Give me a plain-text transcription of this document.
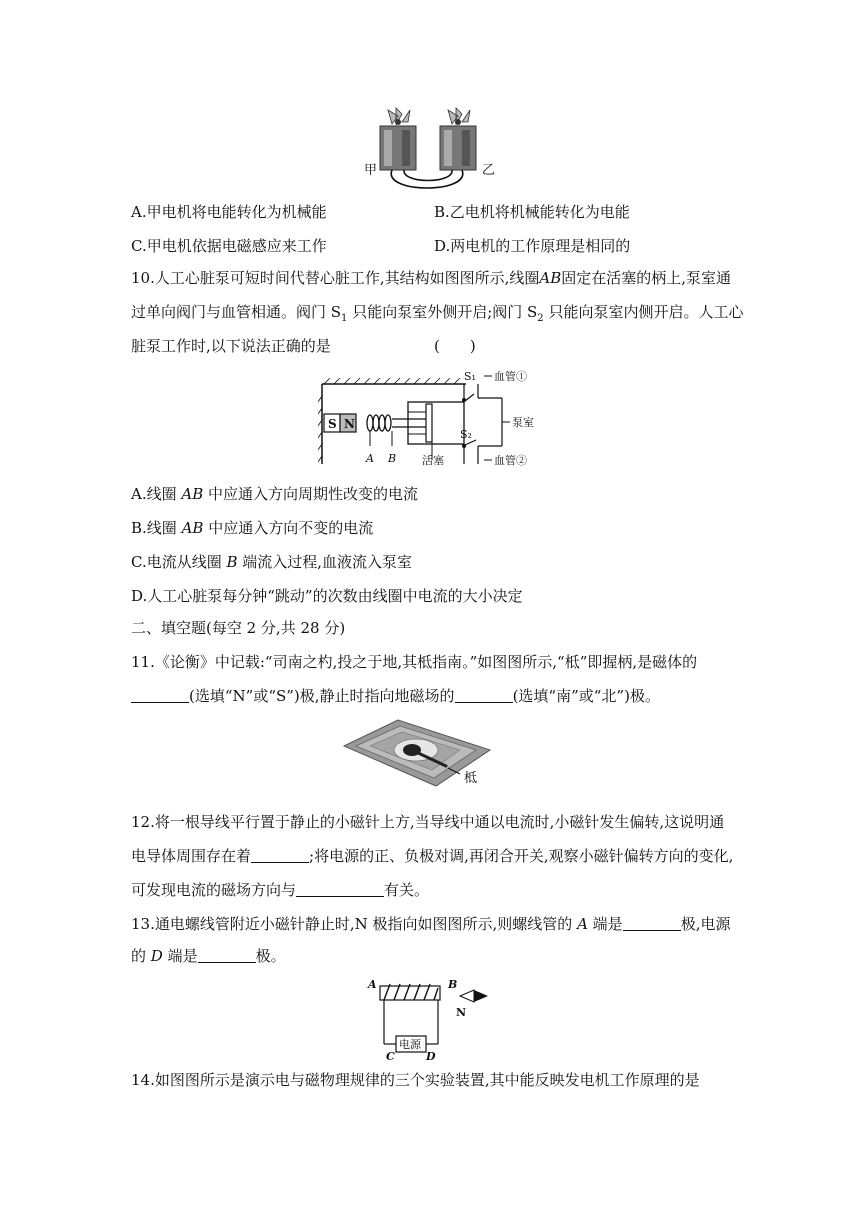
甲	乙
A.甲电机将电能转化为机械能	B.乙电机将机械能转化为电能
C.甲电机依据电磁感应来工作	D.两电机的工作原理是相同的
10.人工心脏泵可短时间代替心脏工作,其结构如图图所示,线圈AB固定在活塞的柄上,泵室通
过单向阀门与血管相通。阀门 $S_1$ 只能向泵室外侧开启;阀门 $S_2$ 只能向泵室内侧开启。人工心
脏泵工作时,以下说法正确的是	(　　)
S N
A B 活塞
S₁
S₂
泵室
血管①
血管②
A.线圈 AB 中应通入方向周期性改变的电流
B.线圈 AB 中应通入方向不变的电流
C.电流从线圈 B 端流入过程,血液流入泵室
D.人工心脏泵每分钟“跳动”的次数由线圈中电流的大小决定
二、填空题(每空 2 分,共 28 分)
11.《论衡》中记载:“司南之杓,投之于地,其柢指南。”如图图所示,“柢”即握柄,是磁体的
(选填“N”或“S”)极,静止时指向地磁场的	(选填“南”或“北”)极。
柢
12.将一根导线平行置于静止的小磁针上方,当导线中通以电流时,小磁针发生偏转,这说明通
电导体周围存在着	;将电源的正、负极对调,再闭合开关,观察小磁针偏转方向的变化,
可发现电流的磁场方向与	有关。
13.通电螺线管附近小磁针静止时,N 极指向如图图所示,则螺线管的 A 端是	极,电源
的 D 端是	极。
A	B
N
电源
C	D
14.如图图所示是演示电与磁物理规律的三个实验装置,其中能反映发电机工作原理的是
